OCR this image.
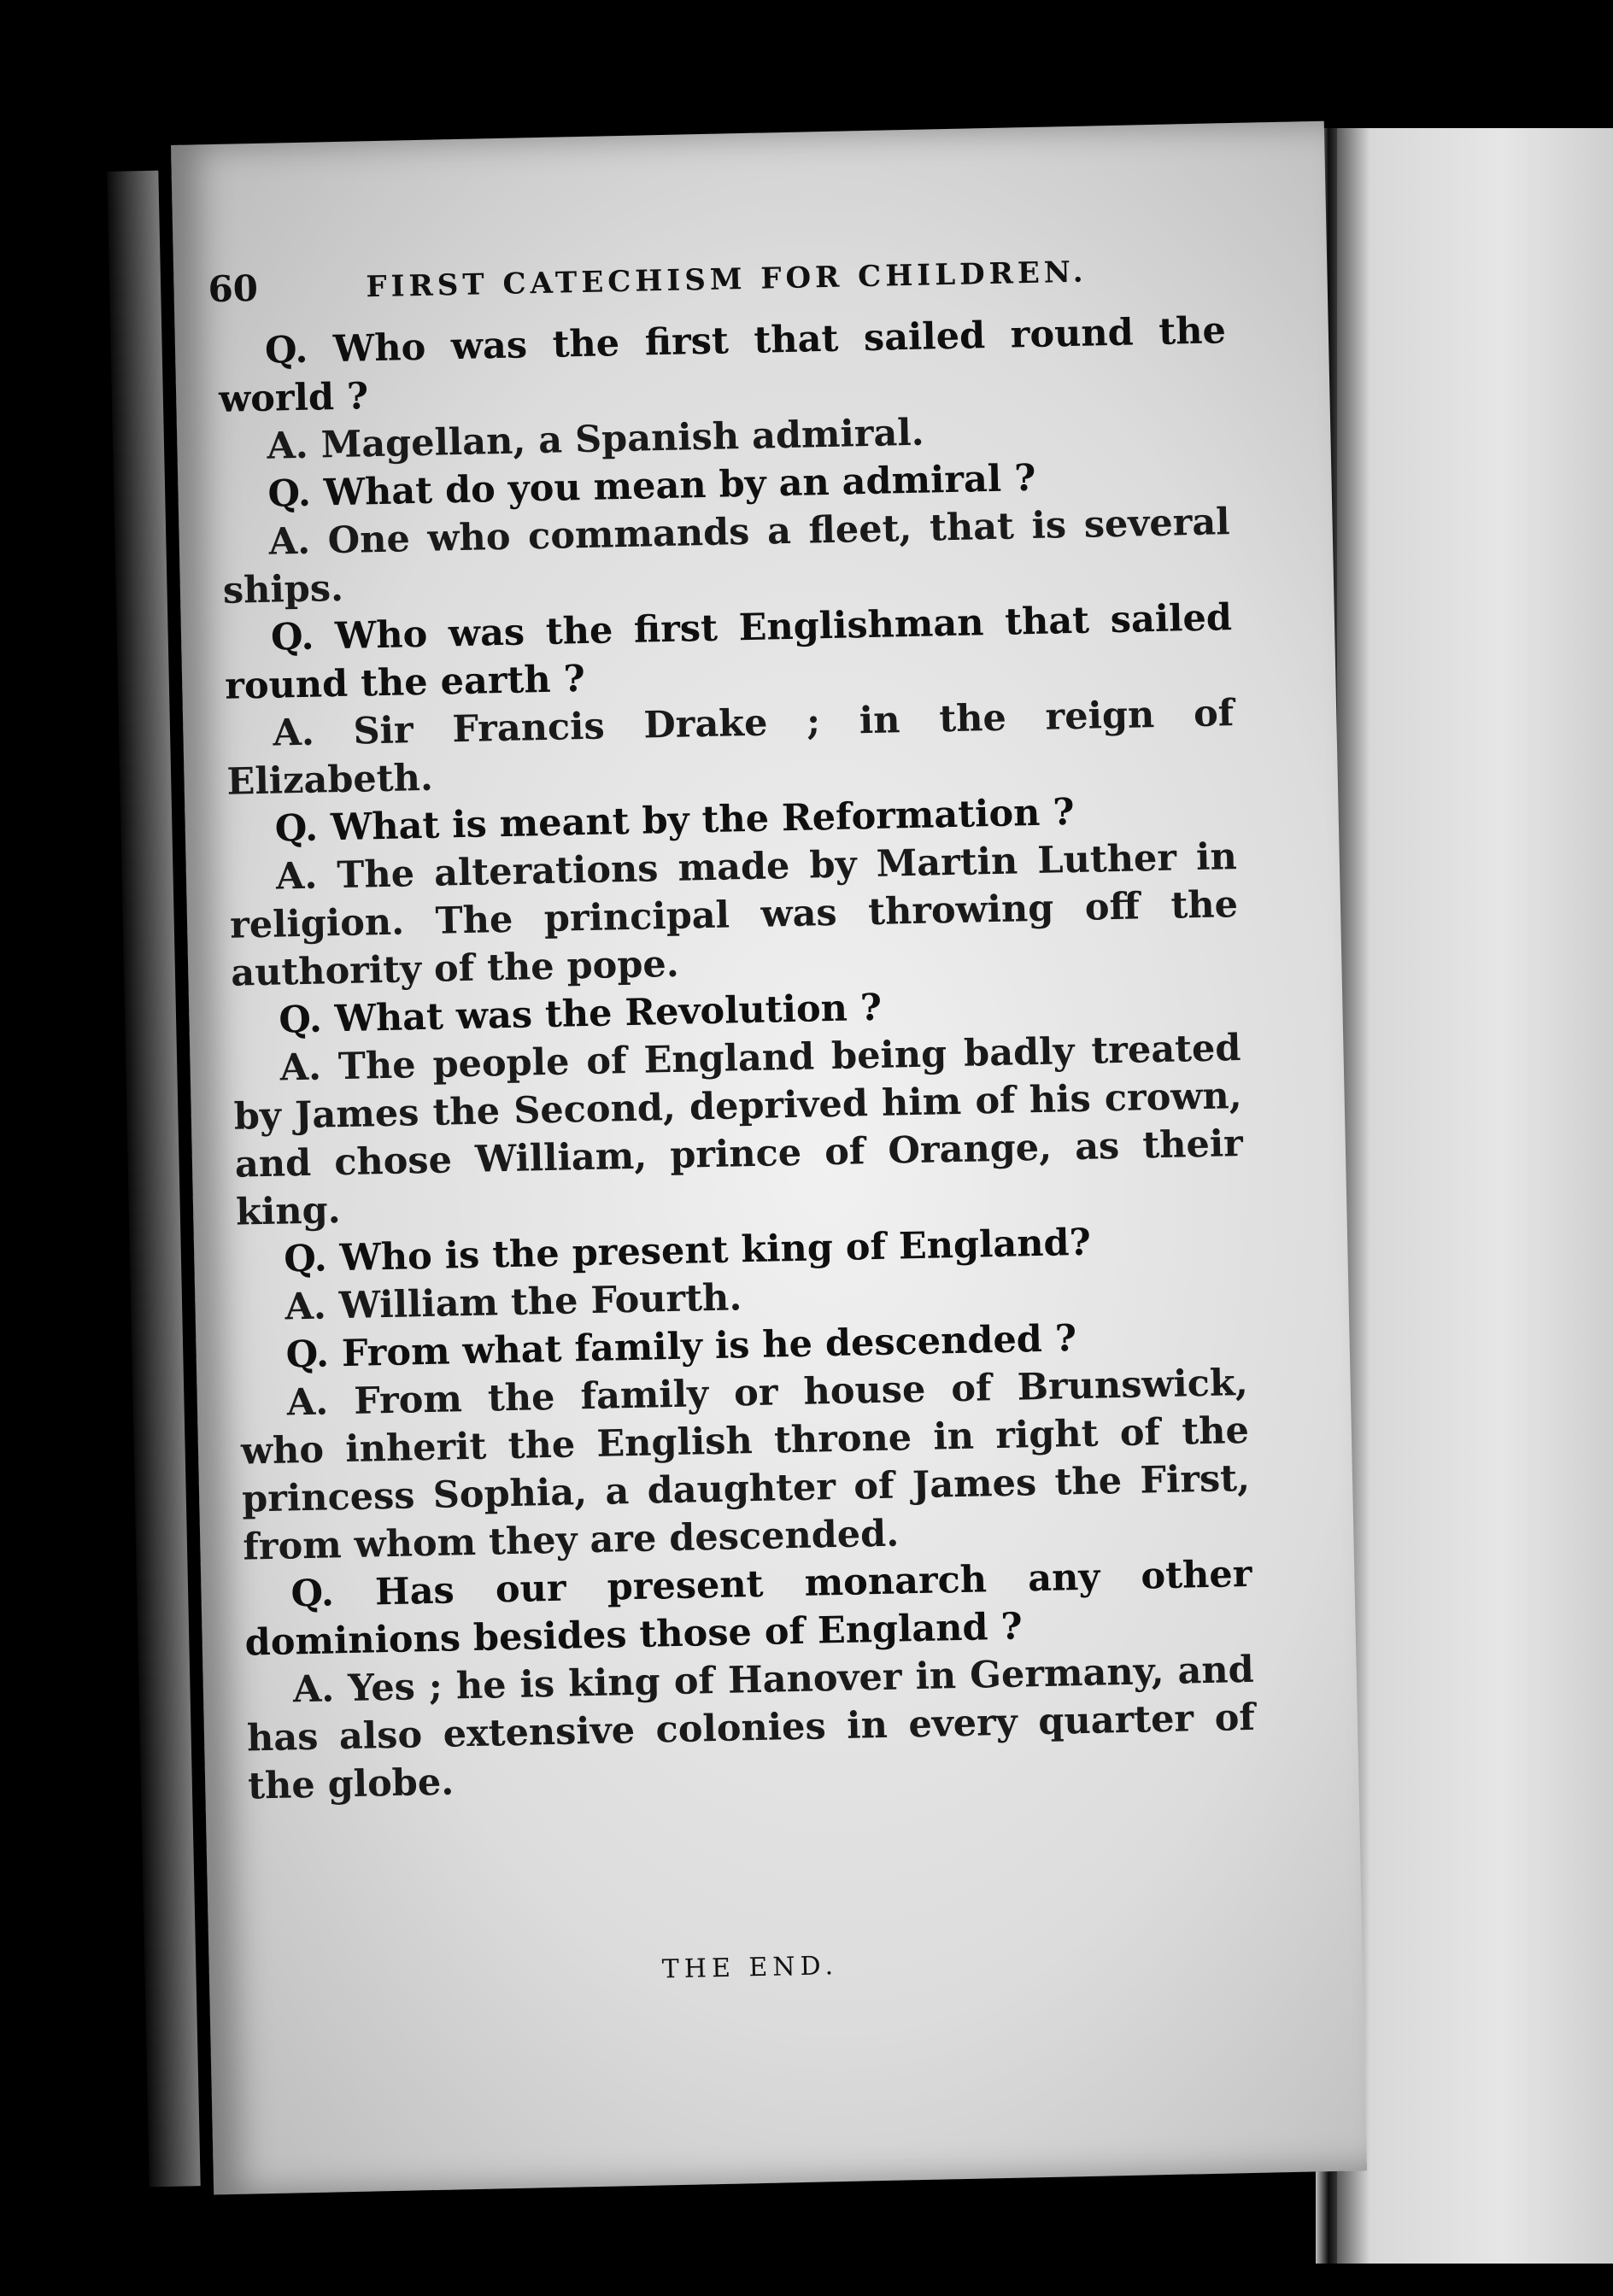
60	FIRST CATECHISM FOR CHILDREN.

Q. Who was the first that sailed round the world ?

A. Magellan, a Spanish admiral.

Q. What do you mean by an admiral ?

A. One who commands a fleet, that is several ships.

Q. Who was the first Englishman that sailed round the earth ?

A. Sir Francis Drake ; in the reign of Elizabeth.

Q. What is meant by the Reformation ?

A. The alterations made by Martin Luther in religion. The principal was throwing off the authority of the pope.

Q. What was the Revolution ?

A. The people of England being badly treated by James the Second, deprived him of his crown, and chose William, prince of Orange, as their king.

Q. Who is the present king of England?

A. William the Fourth.

Q. From what family is he descended ?

A. From the family or house of Brunswick, who inherit the English throne in right of the princess Sophia, a daughter of James the First, from whom they are descended.

Q. Has our present monarch any other dominions besides those of England ?

A. Yes ; he is king of Hanover in Germany, and has also extensive colonies in every quarter of the globe.

THE END.
